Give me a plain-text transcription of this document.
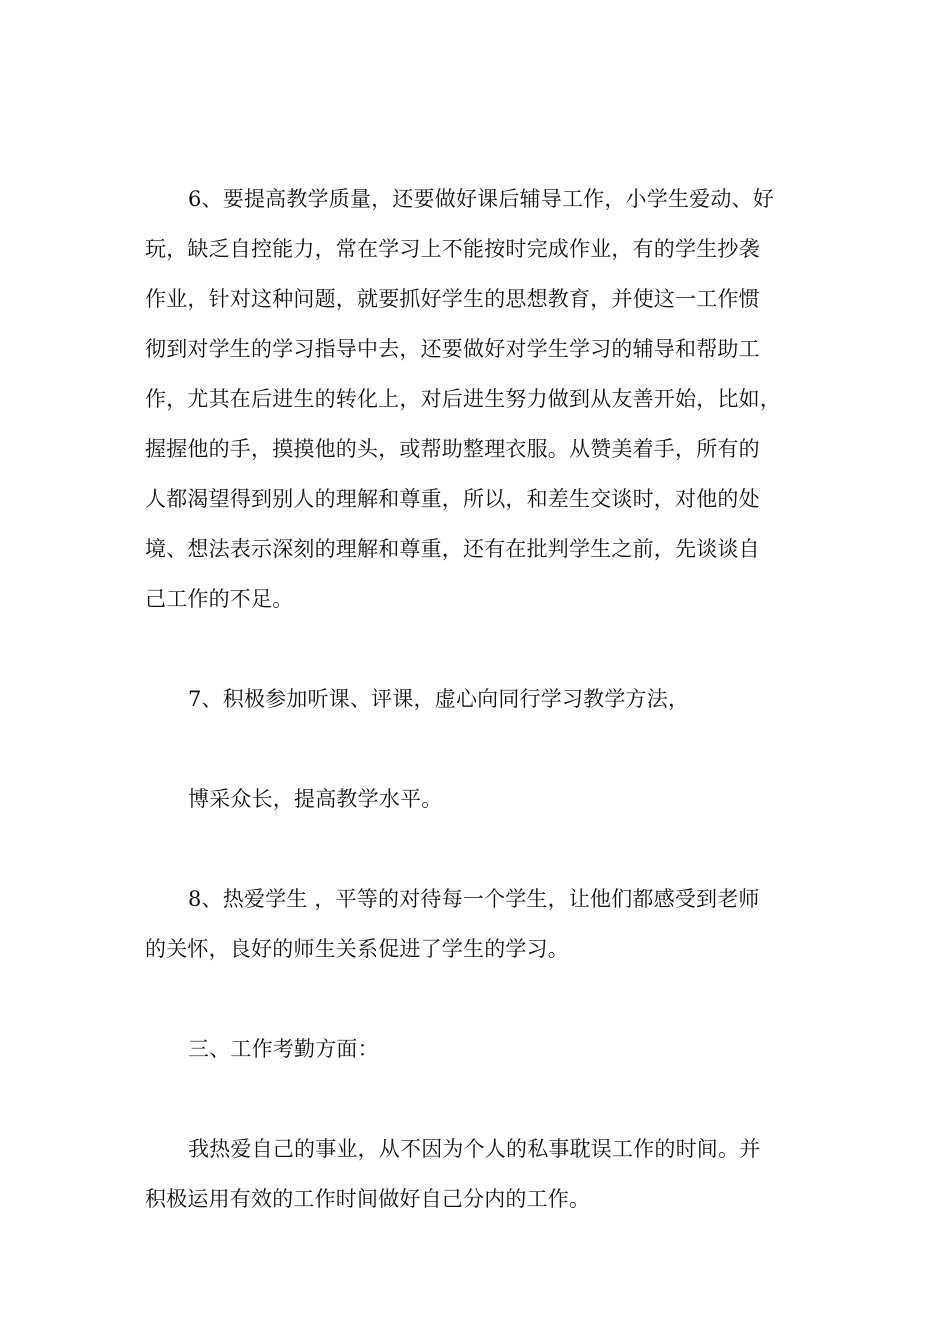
6、要提高教学质量，还要做好课后辅导工作，小学生爱动、好
玩，缺乏自控能力，常在学习上不能按时完成作业，有的学生抄袭
作业，针对这种问题，就要抓好学生的思想教育，并使这一工作惯
彻到对学生的学习指导中去，还要做好对学生学习的辅导和帮助工
作，尤其在后进生的转化上，对后进生努力做到从友善开始，比如，
握握他的手，摸摸他的头，或帮助整理衣服。从赞美着手，所有的
人都渴望得到别人的理解和尊重，所以，和差生交谈时，对他的处
境、想法表示深刻的理解和尊重，还有在批判学生之前，先谈谈自
己工作的不足。
7、积极参加听课、评课，虚心向同行学习教学方法，
博采众长，提高教学水平。
8、热爱学生 ，平等的对待每一个学生，让他们都感受到老师
的关怀，良好的师生关系促进了学生的学习。
三、工作考勤方面：
我热爱自己的事业，从不因为个人的私事耽误工作的时间。并
积极运用有效的工作时间做好自己分内的工作。
